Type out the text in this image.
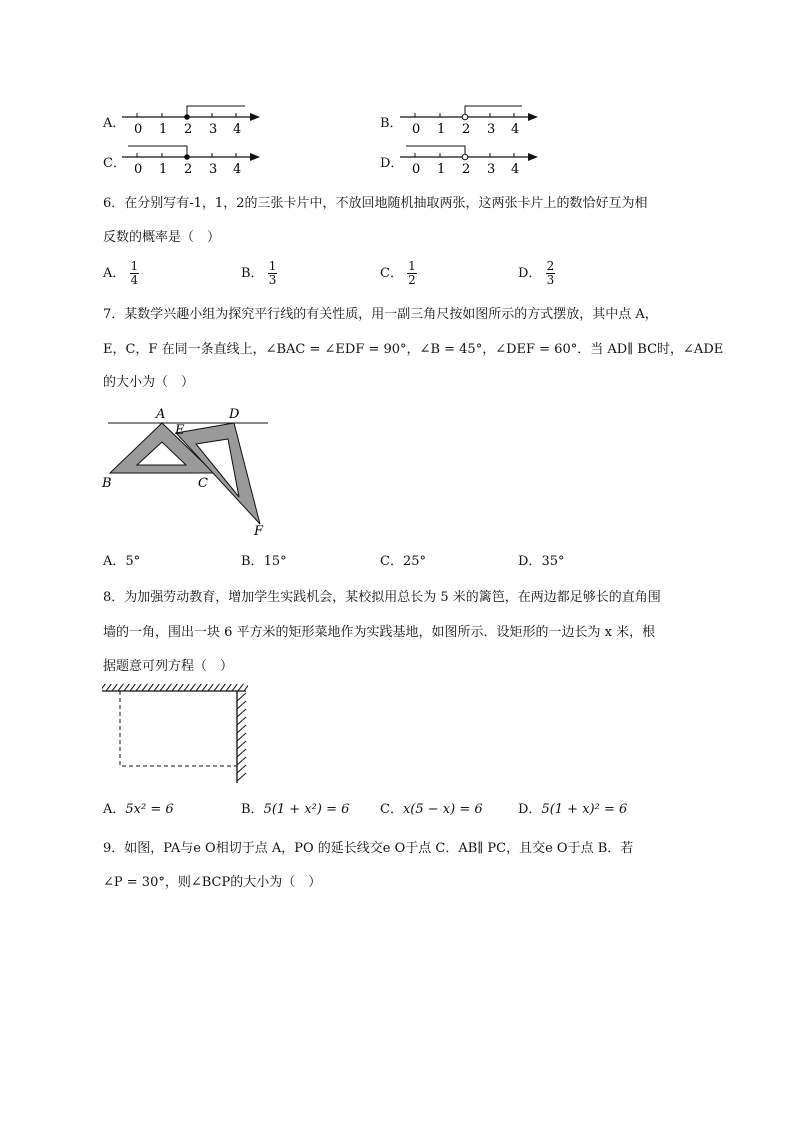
A． 0 1 2 3 4	B． 0 1 2 3 4
C． 0 1 2 3 4	D． 0 1 2 3 4
6．在分别写有-1，1，2的三张卡片中，不放回地随机抽取两张，这两张卡片上的数恰好互为相
反数的概率是（　）
A． $\frac{1}{4}$	B． $\frac{1}{3}$	C． $\frac{1}{2}$	D． $\frac{2}{3}$
7．某数学兴趣小组为探究平行线的有关性质，用一副三角尺按如图所示的方式摆放，其中点 A，
E，C，F 在同一条直线上，∠BAC = ∠EDF = 90°，∠B = 45°，∠DEF = 60°．当 AD∥ BC时，∠ADE
的大小为（　）
A	D
E
B	C
F
A．5°	B．15°	C．25°	D．35°
8．为加强劳动教育，增加学生实践机会，某校拟用总长为 5 米的篱笆，在两边都足够长的直角围
墙的一角，围出一块 6 平方米的矩形菜地作为实践基地，如图所示．设矩形的一边长为 x 米，根
据题意可列方程（　）
A．5x² = 6	B．5(1 + x²) = 6 C．x(5 − x) = 6	D．5(1 + x)² = 6
9．如图，PA与e O相切于点 A，PO 的延长线交e O于点 C．AB∥ PC，且交e O于点 B．若
∠P = 30°，则∠BCP的大小为（　）
